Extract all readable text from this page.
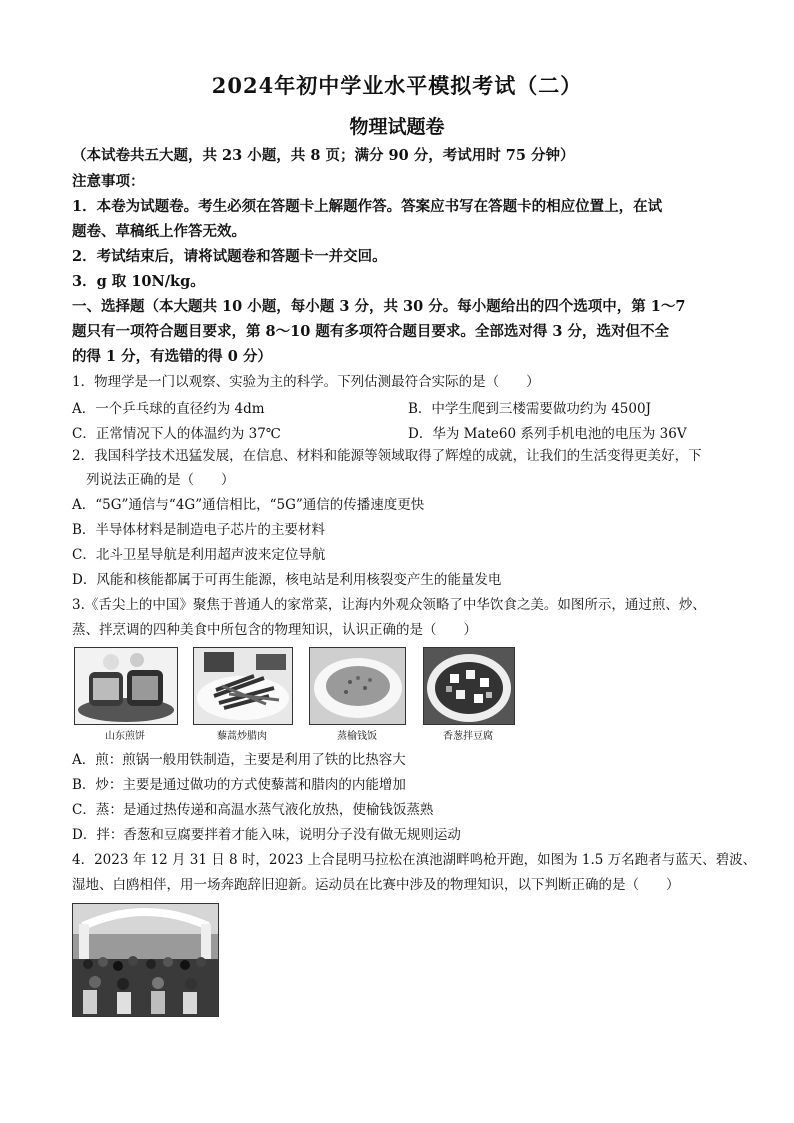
2024年初中学业水平模拟考试（二）
物理试题卷
（本试卷共五大题，共 23 小题，共 8 页；满分 90 分，考试用时 75 分钟）
注意事项：
1．本卷为试题卷。考生必须在答题卡上解题作答。答案应书写在答题卡的相应位置上，在试
题卷、草稿纸上作答无效。
2．考试结束后，请将试题卷和答题卡一并交回。
3．g 取 10N/kg。
一、选择题（本大题共 10 小题，每小题 3 分，共 30 分。每小题给出的四个选项中，第 1～7
题只有一项符合题目要求，第 8～10 题有多项符合题目要求。全部选对得 3 分，选对但不全
的得 1 分，有选错的得 0 分）
1．物理学是一门以观察、实验为主的科学。下列估测最符合实际的是（　　）
A．一个乒乓球的直径约为 4dm	B．中学生爬到三楼需要做功约为 4500J
C．正常情况下人的体温约为 37℃	D．华为 Mate60 系列手机电池的电压为 36V
2．我国科学技术迅猛发展，在信息、材料和能源等领域取得了辉煌的成就，让我们的生活变得更美好，下
列说法正确的是（　　）
A．“5G”通信与“4G”通信相比，“5G”通信的传播速度更快
B．半导体材料是制造电子芯片的主要材料
C．北斗卫星导航是利用超声波来定位导航
D．风能和核能都属于可再生能源，核电站是利用核裂变产生的能量发电
3.《舌尖上的中国》聚焦于普通人的家常菜，让海内外观众领略了中华饮食之美。如图所示，通过煎、炒、
蒸、拌烹调的四种美食中所包含的物理知识，认识正确的是（　　）
山东煎饼	藜蒿炒腊肉	蒸榆钱饭	香葱拌豆腐
A．煎：煎锅一般用铁制造，主要是利用了铁的比热容大
B．炒：主要是通过做功的方式使藜蒿和腊肉的内能增加
C．蒸：是通过热传递和高温水蒸气液化放热，使榆钱饭蒸熟
D．拌：香葱和豆腐要拌着才能入味，说明分子没有做无规则运动
4．2023 年 12 月 31 日 8 时，2023 上合昆明马拉松在滇池湖畔鸣枪开跑，如图为 1.5 万名跑者与蓝天、碧波、
湿地、白鸥相伴，用一场奔跑辞旧迎新。运动员在比赛中涉及的物理知识，以下判断正确的是（　　）
